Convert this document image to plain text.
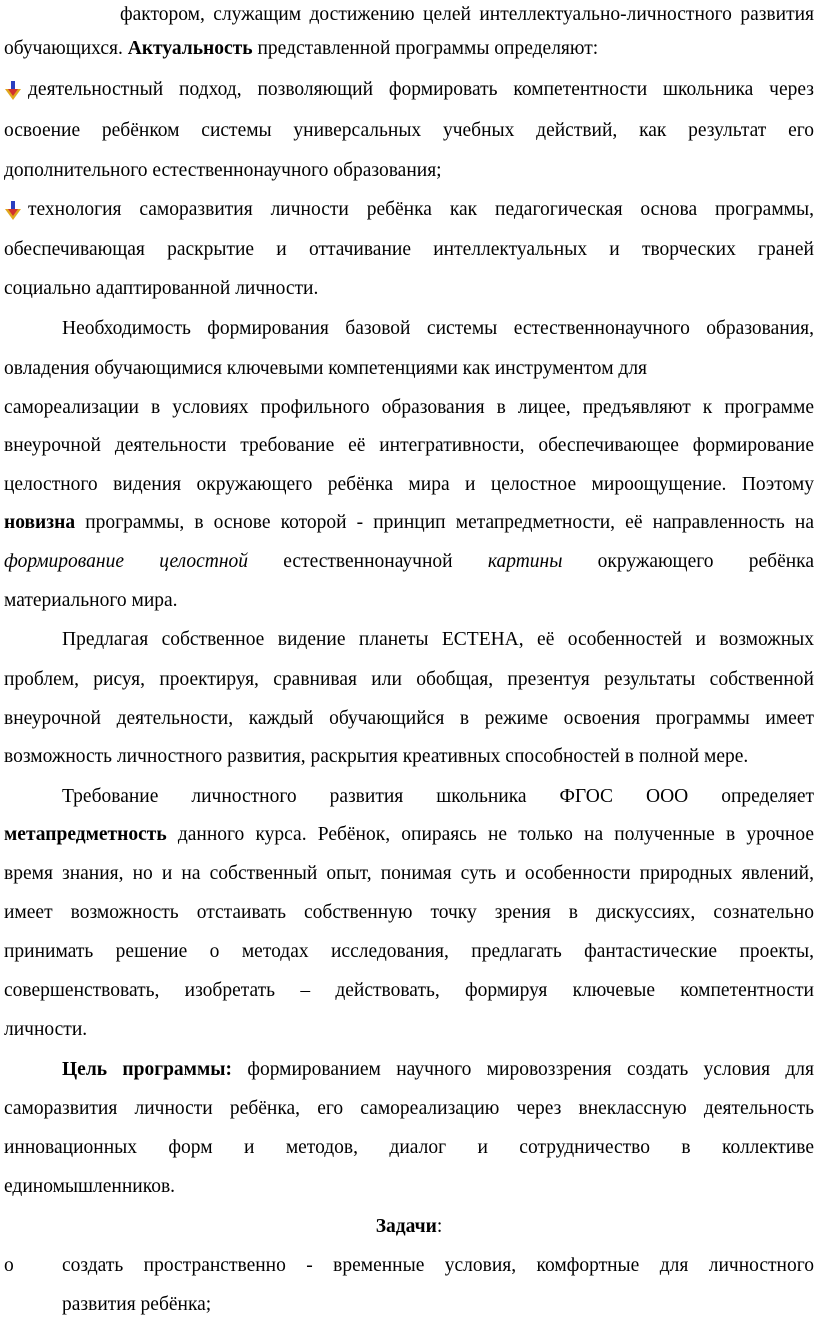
фактором, служащим достижению целей интеллектуально-личностного развития
обучающихся. Актуальность представленной программы определяют:
деятельностный подход, позволяющий формировать компетентности школьника через
освоение ребёнком системы универсальных учебных действий, как результат его
дополнительного естественнонаучного образования;
технология саморазвития личности ребёнка как педагогическая основа программы,
обеспечивающая раскрытие и оттачивание интеллектуальных и творческих граней
социально адаптированной личности.
Необходимость формирования базовой системы естественнонаучного образования,
овладения обучающимися ключевыми компетенциями как инструментом для
самореализации в условиях профильного образования в лицее, предъявляют к программе
внеурочной деятельности требование её интегративности, обеспечивающее формирование
целостного видения окружающего ребёнка мира и целостное мироощущение. Поэтому
новизна программы, в основе которой - принцип метапредметности, её направленность на
формирование целостной естественнонаучной картины окружающего ребёнка
материального мира.
Предлагая собственное видение планеты ЕСТЕНА, её особенностей и возможных
проблем, рисуя, проектируя, сравнивая или обобщая, презентуя результаты собственной
внеурочной деятельности, каждый обучающийся в режиме освоения программы имеет
возможность личностного развития, раскрытия креативных способностей в полной мере.
Требование личностного развития школьника ФГОС ООО определяет
метапредметность данного курса. Ребёнок, опираясь не только на полученные в урочное
время знания, но и на собственный опыт, понимая суть и особенности природных явлений,
имеет возможность отстаивать собственную точку зрения в дискуссиях, сознательно
принимать решение о методах исследования, предлагать фантастические проекты,
совершенствовать, изобретать – действовать, формируя ключевые компетентности
личности.
Цель программы: формированием научного мировоззрения создать условия для
саморазвития личности ребёнка, его самореализацию через внеклассную деятельность
инновационных форм и методов, диалог и сотрудничество в коллективе
единомышленников.
Задачи:
o создать пространственно - временные условия, комфортные для личностного
развития ребёнка;
